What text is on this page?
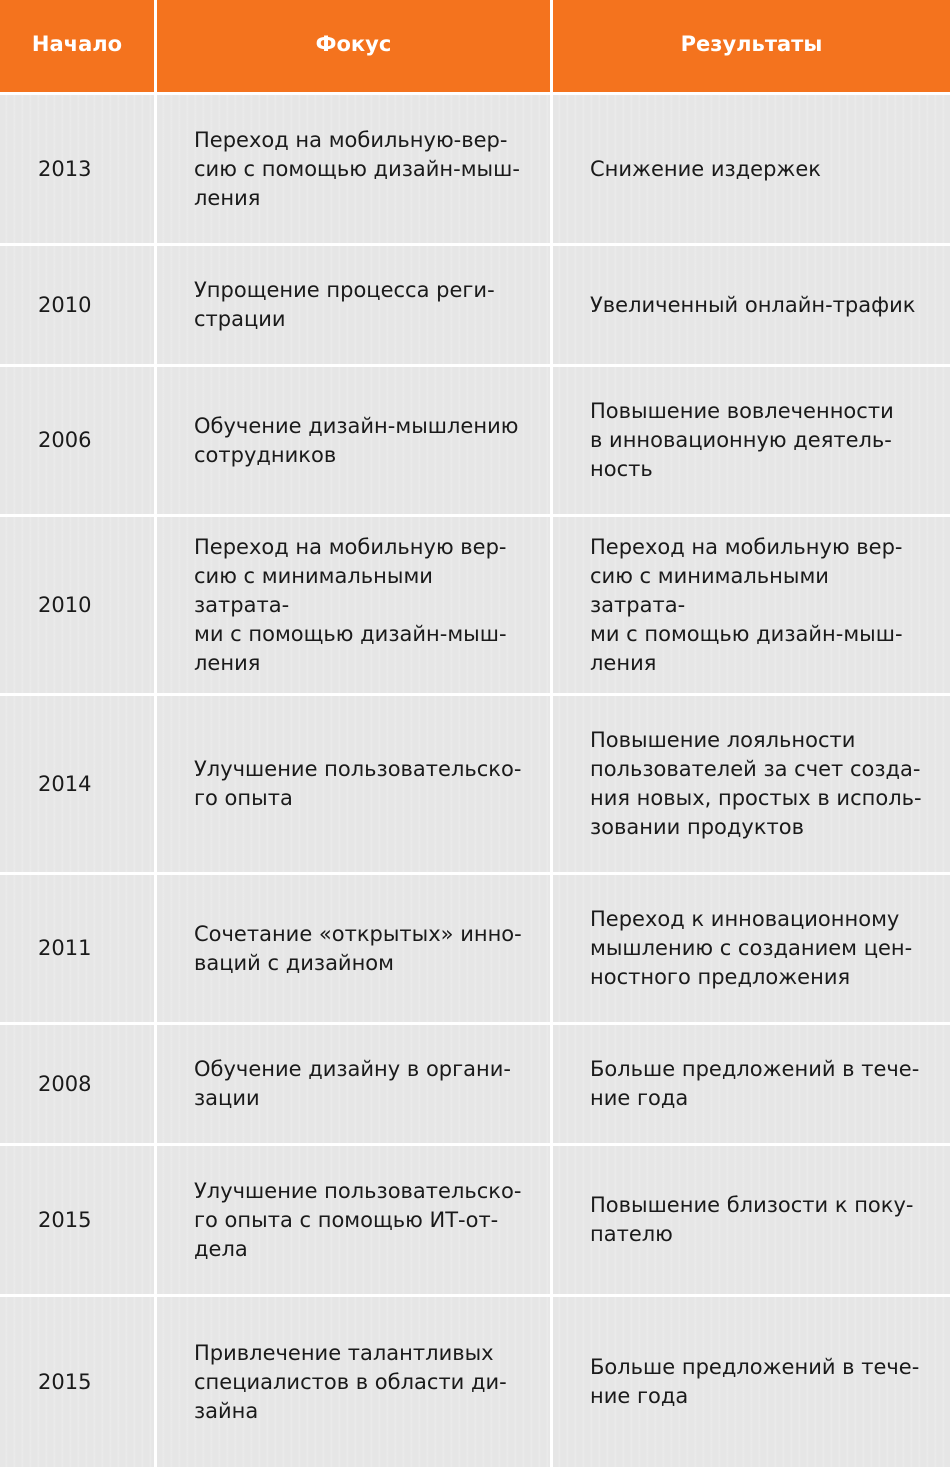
Начало	Фокус	Результаты
2013
Переход на мобильную-вер-
сию с помощью дизайн-мыш-
ления
Снижение издержек
2010
Упрощение процесса реги-
страции
Увеличенный онлайн-трафик
2006
Обучение дизайн-мышлению
сотрудников
Повышение вовлеченности
в инновационную деятель-
ность
2010
Переход на мобильную вер-
сию с минимальными затрата-
ми с помощью дизайн-мыш-
ления
Переход на мобильную вер-
сию с минимальными затрата-
ми с помощью дизайн-мыш-
ления
2014
Улучшение пользовательско-
го опыта
Повышение лояльности
пользователей за счет созда-
ния новых, простых в исполь-
зовании продуктов
2011
Сочетание «открытых» инно-
ваций с дизайном
Переход к инновационному
мышлению с созданием цен-
ностного предложения
2008
Обучение дизайну в органи-
зации
Больше предложений в тече-
ние года
2015
Улучшение пользовательско-
го опыта с помощью ИТ-от-
дела
Повышение близости к поку-
пателю
2015
Привлечение талантливых
специалистов в области ди-
зайна
Больше предложений в тече-
ние года
